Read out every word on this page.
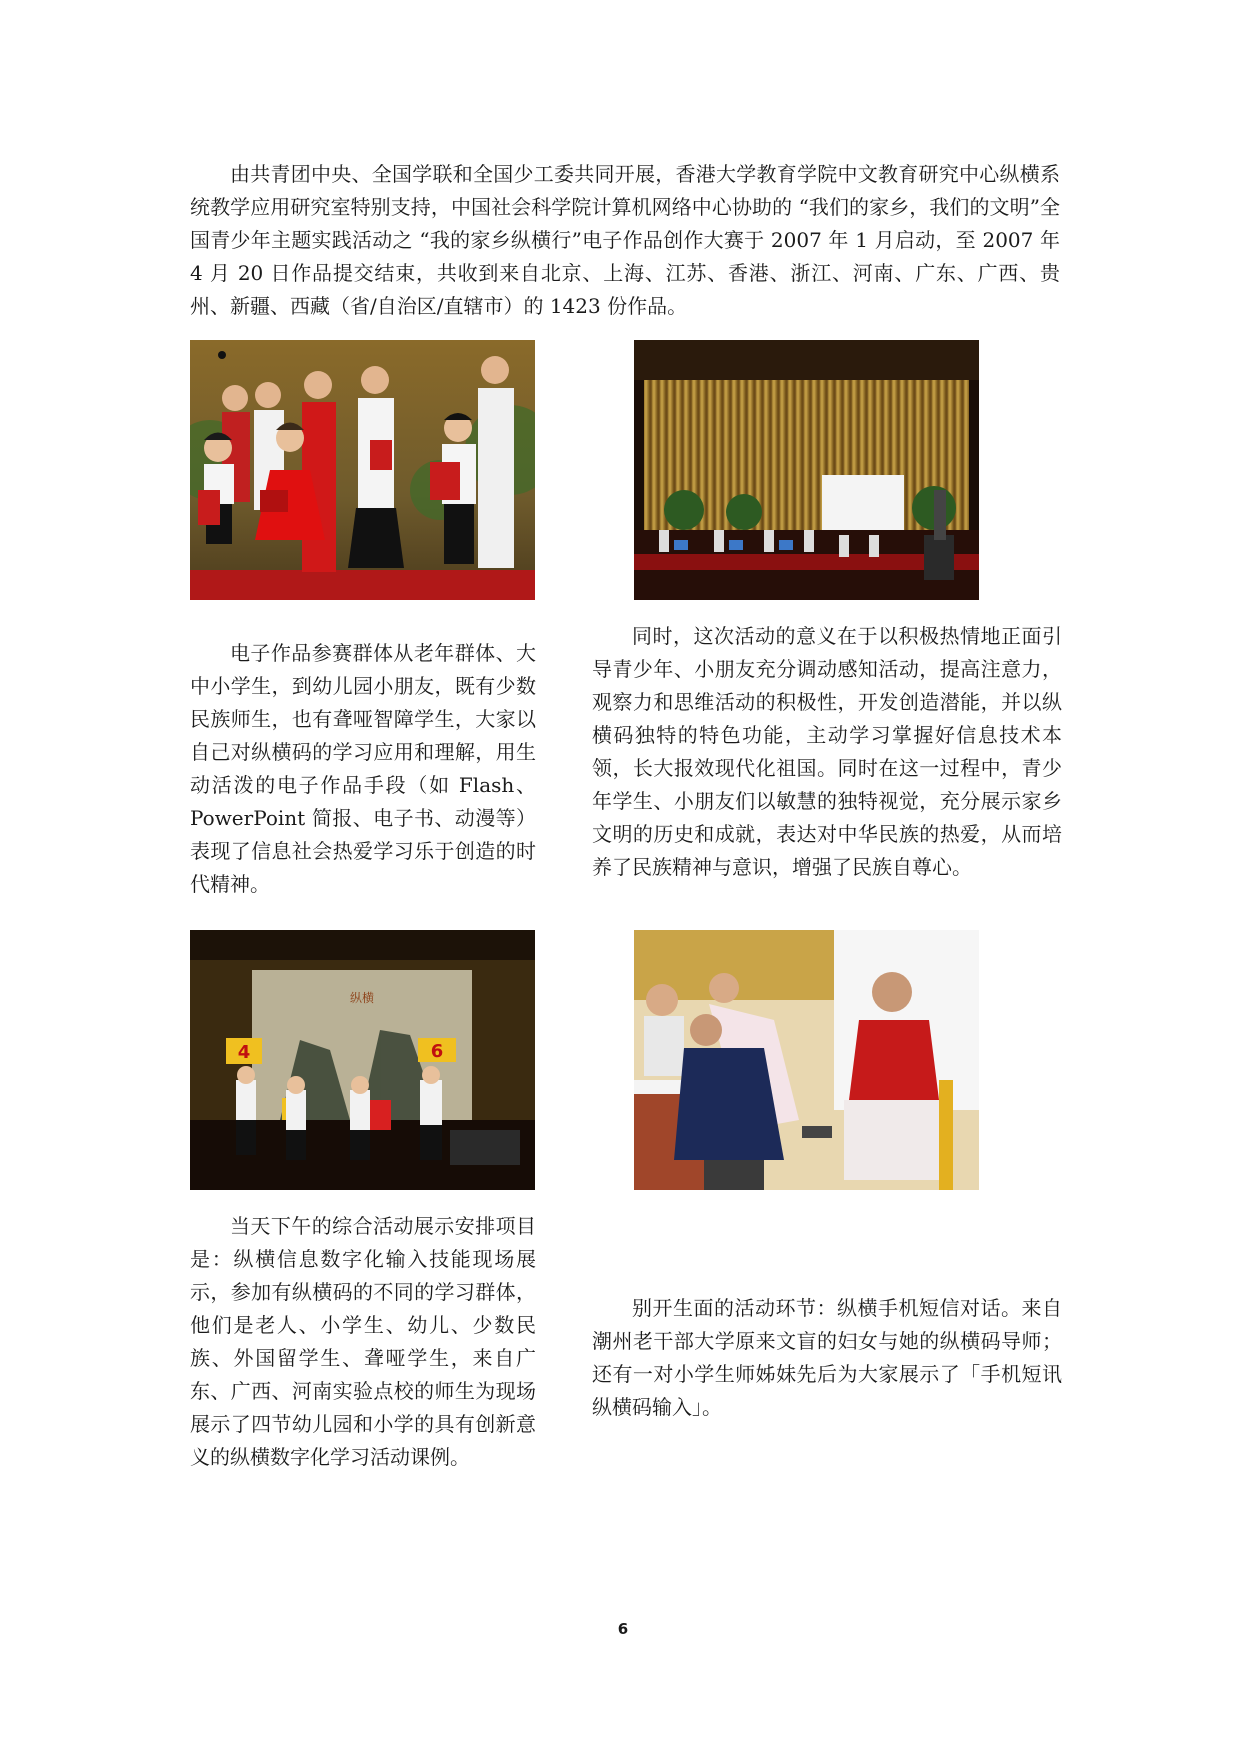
由共青团中央、全国学联和全国少工委共同开展，香港大学教育学院中文教育研究中心纵横系统教学应用研究室特别支持，中国社会科学院计算机网络中心协助的 “我们的家乡，我们的文明”全国青少年主题实践活动之 “我的家乡纵横行”电子作品创作大赛于 2007 年 1 月启动，至 2007 年 4 月 20 日作品提交结束，共收到来自北京、上海、江苏、香港、浙江、河南、广东、广西、贵州、新疆、西藏（省/自治区/直辖市）的 1423 份作品。

电子作品参赛群体从老年群体、大中小学生，到幼儿园小朋友，既有少数民族师生，也有聋哑智障学生，大家以自己对纵横码的学习应用和理解，用生动活泼的电子作品手段（如 Flash、PowerPoint 简报、电子书、动漫等）表现了信息社会热爱学习乐于创造的时代精神。

同时，这次活动的意义在于以积极热情地正面引导青少年、小朋友充分调动感知活动，提高注意力，观察力和思维活动的积极性，开发创造潜能，并以纵横码独特的特色功能，主动学习掌握好信息技术本领，长大报效现代化祖国。同时在这一过程中，青少年学生、小朋友们以敏慧的独特视觉，充分展示家乡文明的历史和成就，表达对中华民族的热爱，从而培养了民族精神与意识，增强了民族自尊心。

纵横
4	6

当天下午的综合活动展示安排项目是：纵横信息数字化输入技能现场展示，参加有纵横码的不同的学习群体，他们是老人、小学生、幼儿、少数民族、外国留学生、聋哑学生，来自广东、广西、河南实验点校的师生为现场展示了四节幼儿园和小学的具有创新意义的纵横数字化学习活动课例。

别开生面的活动环节：纵横手机短信对话。来自潮州老干部大学原来文盲的妇女与她的纵横码导师；还有一对小学生师姊妹先后为大家展示了「手机短讯纵横码输入」。

6
